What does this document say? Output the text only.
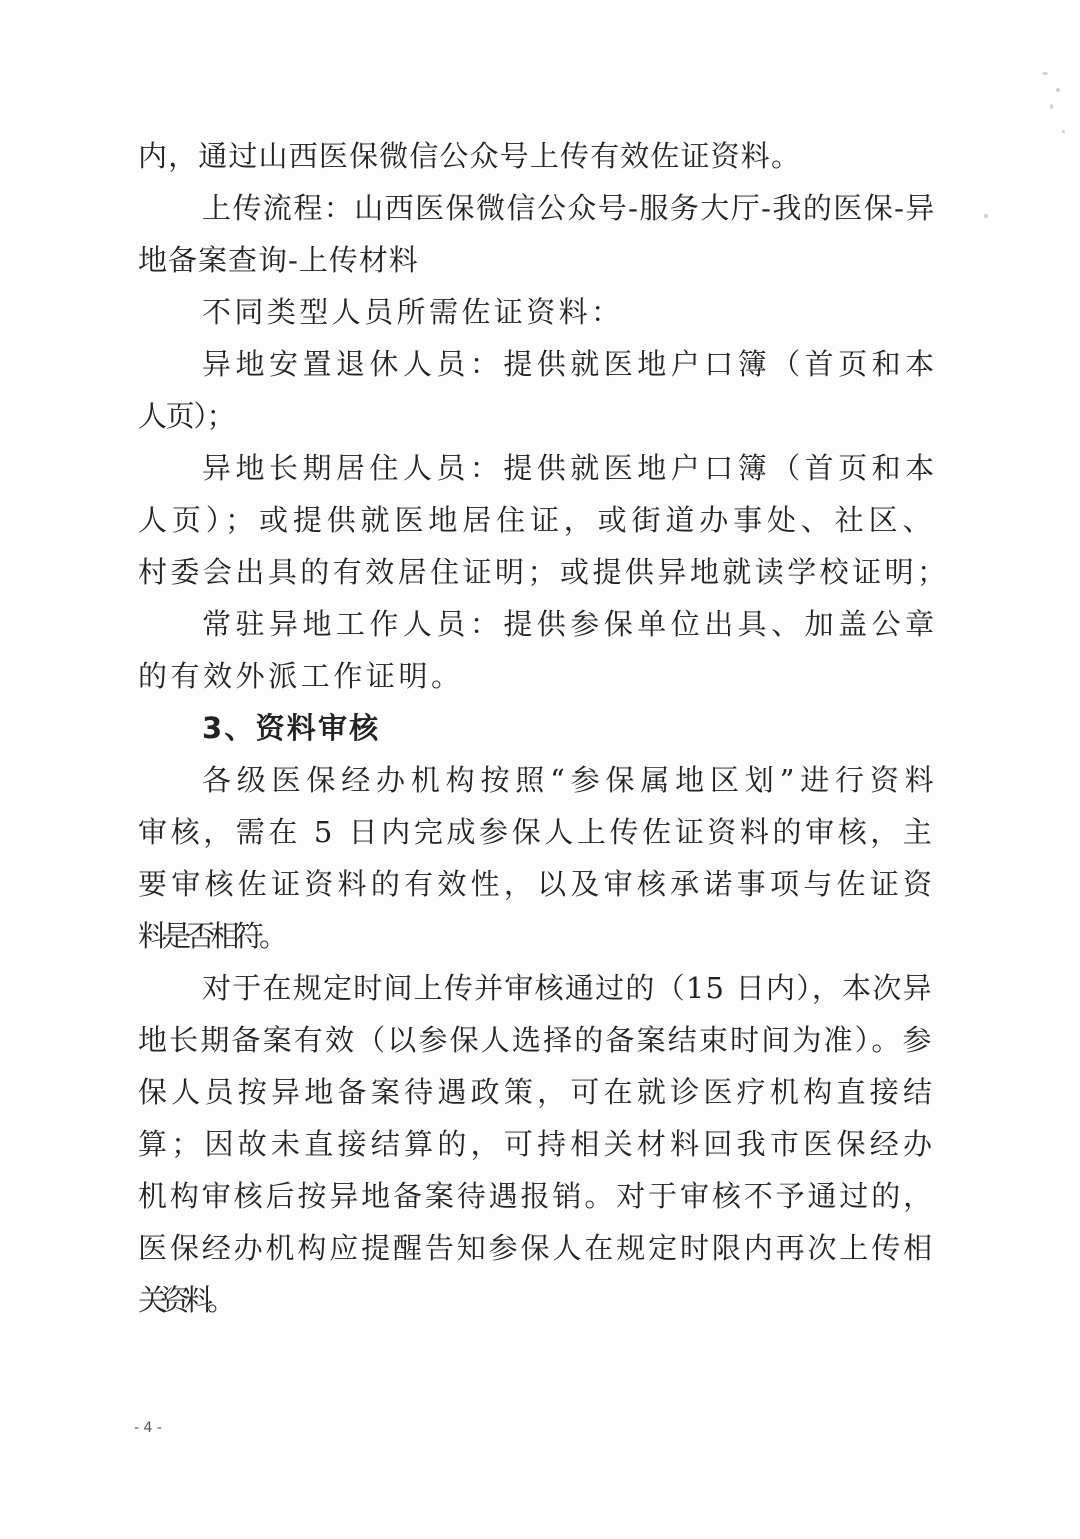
内，通过山西医保微信公众号上传有效佐证资料。
上传流程：山西医保微信公众号-服务大厅-我的医保-异
地备案查询-上传材料
不同类型人员所需佐证资料：
异地安置退休人员：提供就医地户口簿（首页和本
人页）；
异地长期居住人员：提供就医地户口簿（首页和本
人页）；或提供就医地居住证，或街道办事处、社区、
村委会出具的有效居住证明；或提供异地就读学校证明；
常驻异地工作人员：提供参保单位出具、加盖公章
的有效外派工作证明。
3、资料审核
各级医保经办机构按照“参保属地区划”进行资料
审核，需在 5 日内完成参保人上传佐证资料的审核，主
要审核佐证资料的有效性，以及审核承诺事项与佐证资
料是否相符。
对于在规定时间上传并审核通过的（15 日内），本次异
地长期备案有效（以参保人选择的备案结束时间为准）。参
保人员按异地备案待遇政策，可在就诊医疗机构直接结
算；因故未直接结算的，可持相关材料回我市医保经办
机构审核后按异地备案待遇报销。对于审核不予通过的，
医保经办机构应提醒告知参保人在规定时限内再次上传相
关资料。
- 4 -
